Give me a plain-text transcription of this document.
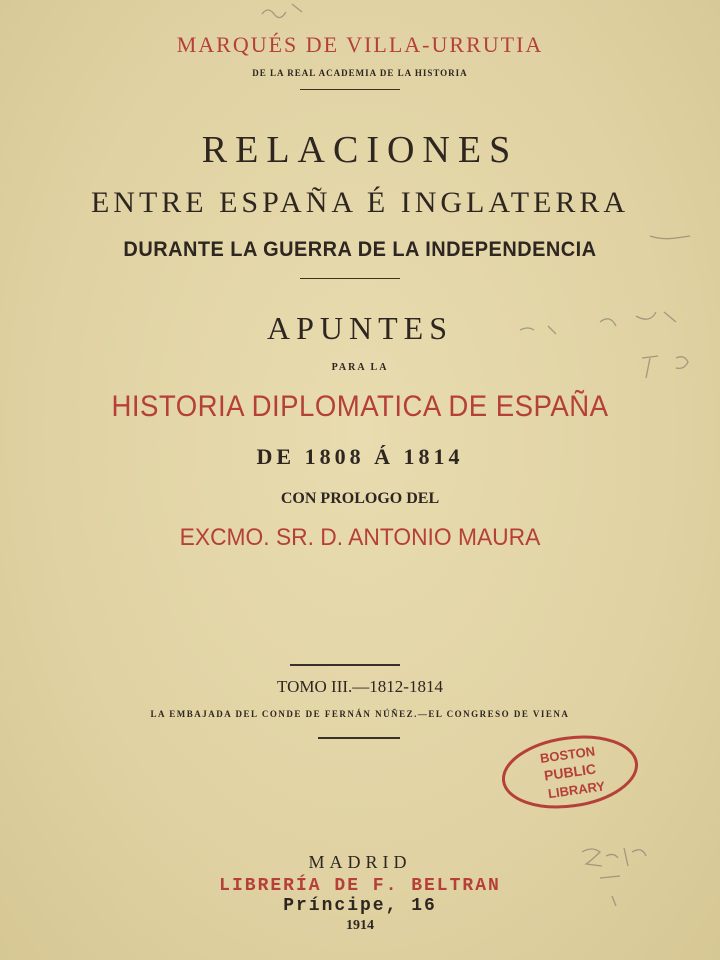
MARQUÉS DE VILLA-URRUTIA
DE LA REAL ACADEMIA DE LA HISTORIA
RELACIONES
ENTRE ESPAÑA É INGLATERRA
DURANTE LA GUERRA DE LA INDEPENDENCIA
APUNTES
PARA LA
HISTORIA DIPLOMATICA DE ESPAÑA
DE 1808 Á 1814
CON PROLOGO DEL
EXCMO. SR. D. ANTONIO MAURA
TOMO III.—1812-1814
LA EMBAJADA DEL CONDE DE FERNÁN NÚÑEZ.—EL CONGRESO DE VIENA
MADRID
LIBRERÍA DE F. BELTRAN
Príncipe, 16
1914
BOSTON
PUBLIC
LIBRARY
